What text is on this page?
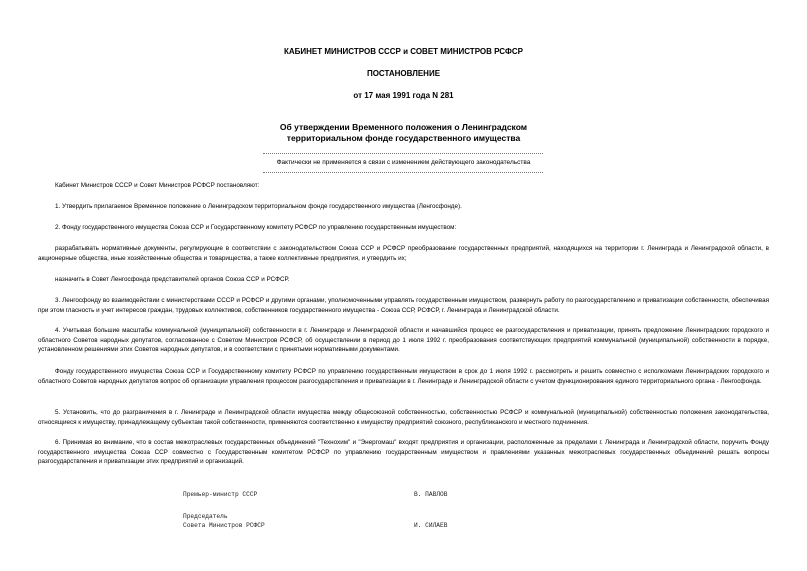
КАБИНЕТ МИНИСТРОВ СССР и СОВЕТ МИНИСТРОВ РСФСР
ПОСТАНОВЛЕНИЕ
от 17 мая 1991 года N 281
Об утверждении Временного положения о Ленинградском
территориальном фонде государственного имущества
Фактически не применяется в связи с изменением действующего законодательства

Кабинет Министров СССР и Совет Министров РСФСР постановляют:

1. Утвердить прилагаемое Временное положение о Ленинградском территориальном фонде государственного имущества (Ленгосфонде).

2. Фонду государственного имущества Союза ССР и Государственному комитету РСФСР по управлению государственным имуществом:

разрабатывать нормативные документы, регулирующие в соответствии с законодательством Союза ССР и РСФСР преобразование государственных предприятий, находящихся на территории г. Ленинграда и Ленинградской области, в акционерные общества, иные хозяйственные общества и товарищества, а также коллективные предприятия, и утвердить их;

назначить в Совет Ленгосфонда представителей органов Союза ССР и РСФСР.

3. Ленгосфонду во взаимодействии с министерствами СССР и РСФСР и другими органами, уполномоченными управлять государственным имуществом, развернуть работу по разгосударствлению и приватизации собственности, обеспечивая при этом гласность и учет интересов граждан, трудовых коллективов, собственников государственного имущества - Союза ССР, РСФСР, г. Ленинграда и Ленинградской области.

4. Учитывая большие масштабы коммунальной (муниципальной) собственности в г. Ленинграде и Ленинградской области и начавшийся процесс ее разгосударствления и приватизации, принять предложение Ленинградских городского и областного Советов народных депутатов, согласованное с Советом Министров РСФСР, об осуществлении в период до 1 июля 1992 г. преобразования соответствующих предприятий коммунальной (муниципальной) собственности в порядке, установленном решениями этих Советов народных депутатов, и в соответствии с принятыми нормативными документами.

Фонду государственного имущества Союза ССР и Государственному комитету РСФСР по управлению государственным имуществом в срок до 1 июля 1992 г. рассмотреть и решить совместно с исполкомами Ленинградских городского и областного Советов народных депутатов вопрос об организации управления процессом разгосударствления и приватизации в г. Ленинграде и Ленинградской области с учетом функционирования единого территориального органа - Ленгосфонда.

5. Установить, что до разграничения в г. Ленинграде и Ленинградской области имущества между общесоюзной собственностью, собственностью РСФСР и коммунальной (муниципальной) собственностью положения законодательства, относящиеся к имуществу, принадлежащему субъектам такой собственности, применяются соответственно к имуществу предприятий союзного, республиканского и местного подчинения.

6. Принимая во внимание, что в состав межотраслевых государственных объединений "Технохим" и "Энергомаш" входят предприятия и организации, расположенные за пределами г. Ленинграда и Ленинградской области, поручить Фонду государственного имущества Союза ССР совместно с Государственным комитетом РСФСР по управлению государственным имуществом и правлениями указанных межотраслевых государственных объединений решать вопросы разгосударствления и приватизации этих предприятий и организаций.

Премьер-министр СССР	В. ПАВЛОВ
Председатель
Совета Министров РСФСР	И. СИЛАЕВ
